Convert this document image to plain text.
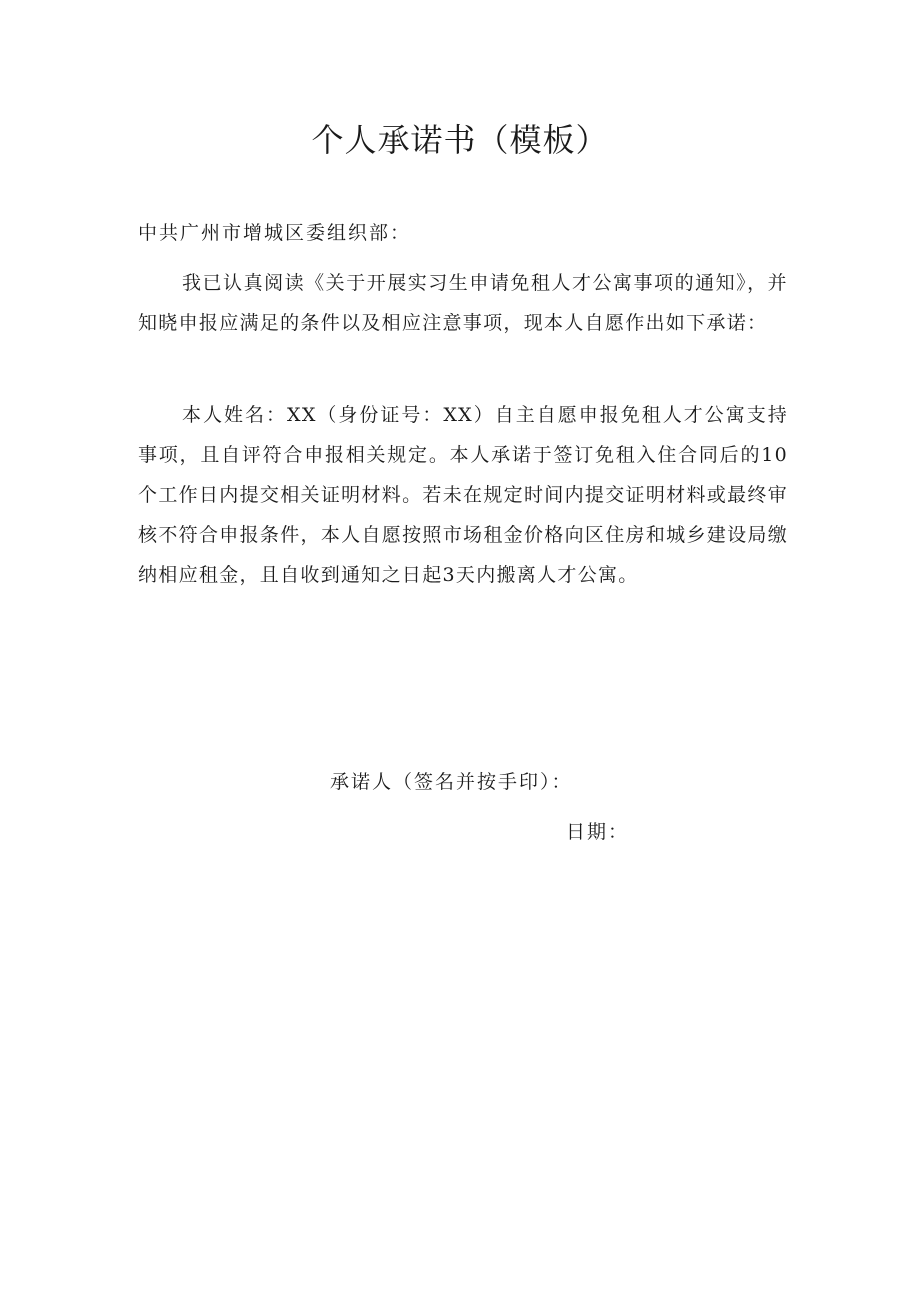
个人承诺书（模板）
中共广州市增城区委组织部：
我已认真阅读《关于开展实习生申请免租人才公寓事项的通知》，并知晓申报应满足的条件以及相应注意事项，现本人自愿作出如下承诺：
本人姓名：XX（身份证号：XX）自主自愿申报免租人才公寓支持事项，且自评符合申报相关规定。本人承诺于签订免租入住合同后的10个工作日内提交相关证明材料。若未在规定时间内提交证明材料或最终审核不符合申报条件，本人自愿按照市场租金价格向区住房和城乡建设局缴纳相应租金，且自收到通知之日起3天内搬离人才公寓。
承诺人（签名并按手印）：
日期：
